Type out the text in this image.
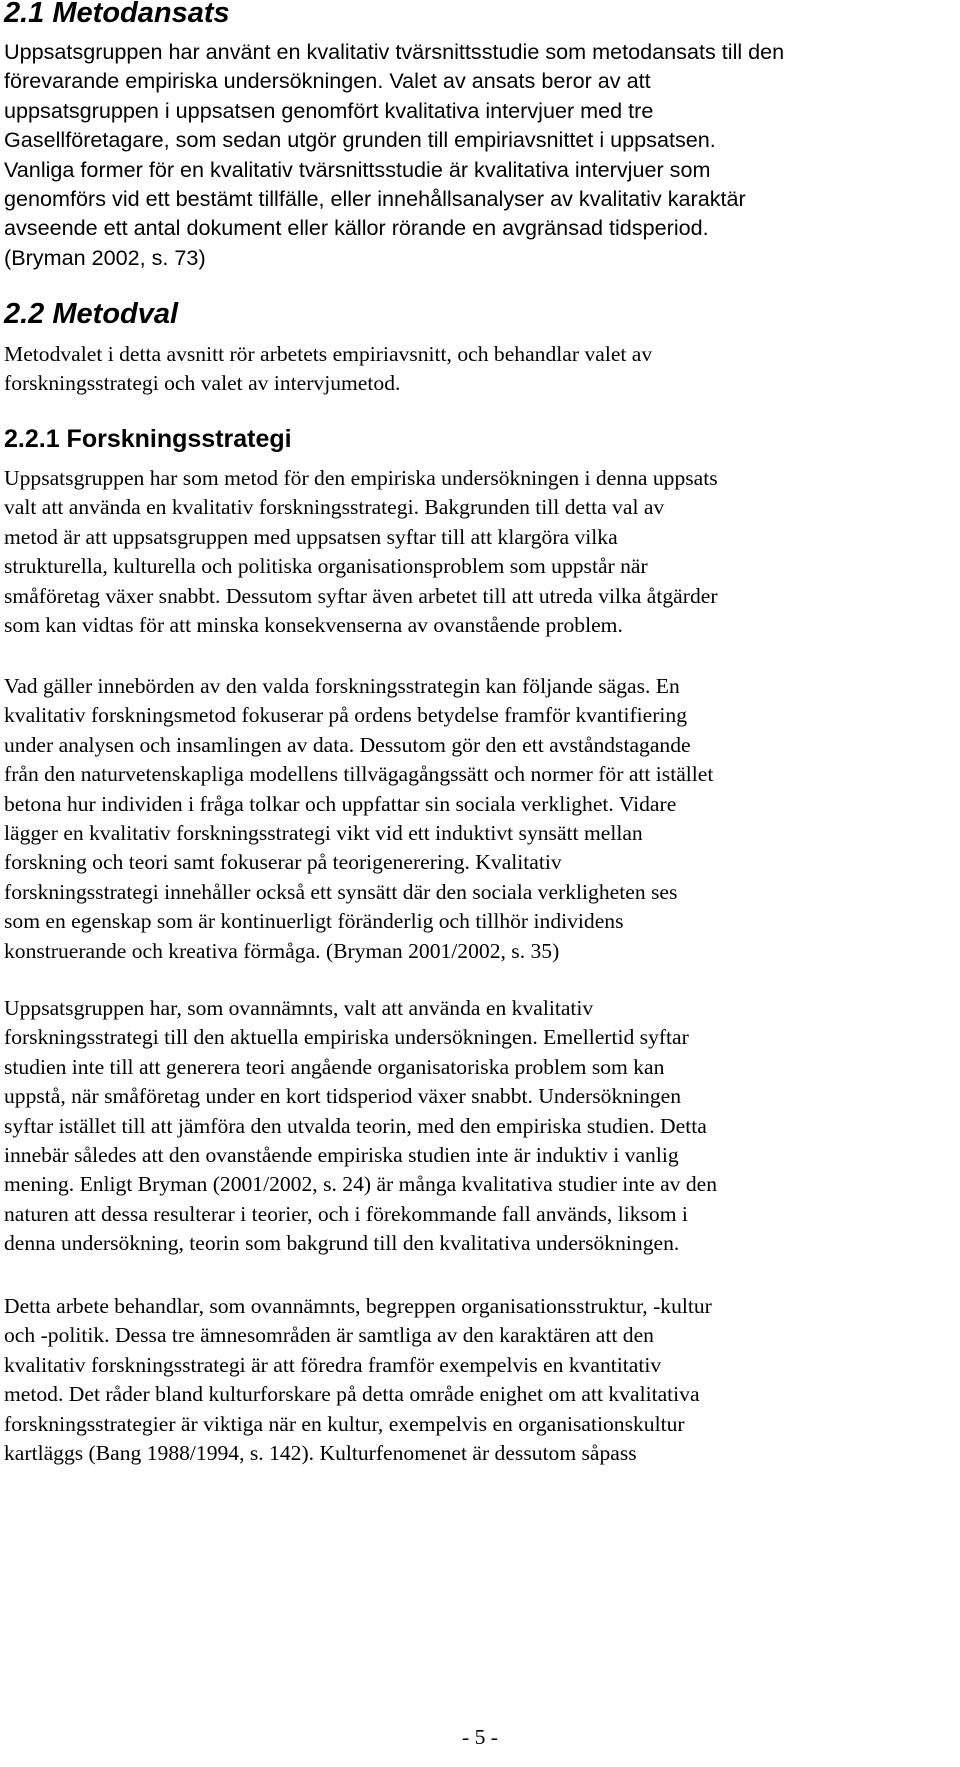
2.1 Metodansats

Uppsatsgruppen har använt en kvalitativ tvärsnittsstudie som metodansats till den
förevarande empiriska undersökningen. Valet av ansats beror av att
uppsatsgruppen i uppsatsen genomfört kvalitativa intervjuer med tre
Gasellföretagare, som sedan utgör grunden till empiriavsnittet i uppsatsen.
Vanliga former för en kvalitativ tvärsnittsstudie är kvalitativa intervjuer som
genomförs vid ett bestämt tillfälle, eller innehållsanalyser av kvalitativ karaktär
avseende ett antal dokument eller källor rörande en avgränsad tidsperiod.
(Bryman 2002, s. 73)

2.2 Metodval

Metodvalet i detta avsnitt rör arbetets empiriavsnitt, och behandlar valet av
forskningsstrategi och valet av intervjumetod.

2.2.1 Forskningsstrategi

Uppsatsgruppen har som metod för den empiriska undersökningen i denna uppsats
valt att använda en kvalitativ forskningsstrategi. Bakgrunden till detta val av
metod är att uppsatsgruppen med uppsatsen syftar till att klargöra vilka
strukturella, kulturella och politiska organisationsproblem som uppstår när
småföretag växer snabbt. Dessutom syftar även arbetet till att utreda vilka åtgärder
som kan vidtas för att minska konsekvenserna av ovanstående problem.

Vad gäller innebörden av den valda forskningsstrategin kan följande sägas. En
kvalitativ forskningsmetod fokuserar på ordens betydelse framför kvantifiering
under analysen och insamlingen av data. Dessutom gör den ett avståndstagande
från den naturvetenskapliga modellens tillvägagångssätt och normer för att istället
betona hur individen i fråga tolkar och uppfattar sin sociala verklighet. Vidare
lägger en kvalitativ forskningsstrategi vikt vid ett induktivt synsätt mellan
forskning och teori samt fokuserar på teorigenerering. Kvalitativ
forskningsstrategi innehåller också ett synsätt där den sociala verkligheten ses
som en egenskap som är kontinuerligt föränderlig och tillhör individens
konstruerande och kreativa förmåga. (Bryman 2001/2002, s. 35)

Uppsatsgruppen har, som ovannämnts, valt att använda en kvalitativ
forskningsstrategi till den aktuella empiriska undersökningen. Emellertid syftar
studien inte till att generera teori angående organisatoriska problem som kan
uppstå, när småföretag under en kort tidsperiod växer snabbt. Undersökningen
syftar istället till att jämföra den utvalda teorin, med den empiriska studien. Detta
innebär således att den ovanstående empiriska studien inte är induktiv i vanlig
mening. Enligt Bryman (2001/2002, s. 24) är många kvalitativa studier inte av den
naturen att dessa resulterar i teorier, och i förekommande fall används, liksom i
denna undersökning, teorin som bakgrund till den kvalitativa undersökningen.

Detta arbete behandlar, som ovannämnts, begreppen organisationsstruktur, -kultur
och -politik. Dessa tre ämnesområden är samtliga av den karaktären att den
kvalitativ forskningsstrategi är att föredra framför exempelvis en kvantitativ
metod. Det råder bland kulturforskare på detta område enighet om att kvalitativa
forskningsstrategier är viktiga när en kultur, exempelvis en organisationskultur
kartläggs (Bang 1988/1994, s. 142). Kulturfenomenet är dessutom såpass

- 5 -
